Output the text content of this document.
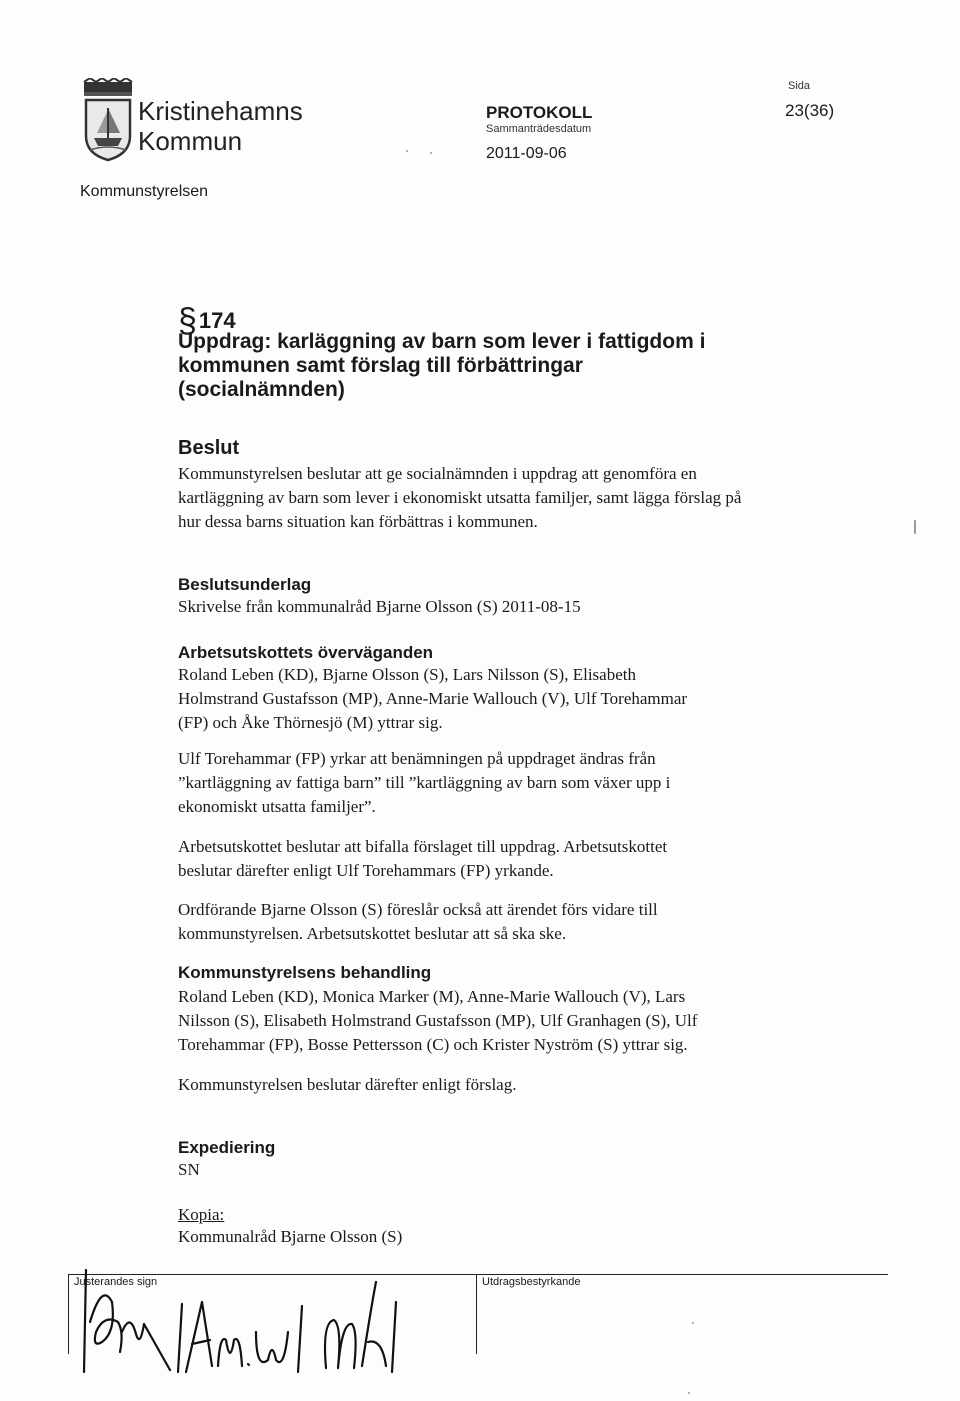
Kristinehamns
Kommun
PROTOKOLL
Sammanträdesdatum
2011-09-06
Sida
23(36)
Kommunstyrelsen
§174
Uppdrag: karläggning av barn som lever i fattigdom i
kommunen samt förslag till förbättringar
(socialnämnden)
Beslut
Kommunstyrelsen beslutar att ge socialnämnden i uppdrag att genomföra en
kartläggning av barn som lever i ekonomiskt utsatta familjer, samt lägga förslag på
hur dessa barns situation kan förbättras i kommunen.
Beslutsunderlag
Skrivelse från kommunalråd Bjarne Olsson (S) 2011-08-15
Arbetsutskottets överväganden
Roland Leben (KD), Bjarne Olsson (S), Lars Nilsson (S), Elisabeth
Holmstrand Gustafsson (MP), Anne-Marie Wallouch (V), Ulf Torehammar
(FP) och Åke Thörnesjö (M) yttrar sig.
Ulf Torehammar (FP) yrkar att benämningen på uppdraget ändras från
”kartläggning av fattiga barn” till ”kartläggning av barn som växer upp i
ekonomiskt utsatta familjer”.
Arbetsutskottet beslutar att bifalla förslaget till uppdrag. Arbetsutskottet
beslutar därefter enligt Ulf Torehammars (FP) yrkande.
Ordförande Bjarne Olsson (S) föreslår också att ärendet förs vidare till
kommunstyrelsen. Arbetsutskottet beslutar att så ska ske.
Kommunstyrelsens behandling
Roland Leben (KD), Monica Marker (M), Anne-Marie Wallouch (V), Lars
Nilsson (S), Elisabeth Holmstrand Gustafsson (MP), Ulf Granhagen (S), Ulf
Torehammar (FP), Bosse Pettersson (C) och Krister Nyström (S) yttrar sig.
Kommunstyrelsen beslutar därefter enligt förslag.
Expediering
SN
Kopia:
Kommunalråd Bjarne Olsson (S)
Justerandes sign	Utdragsbestyrkande
